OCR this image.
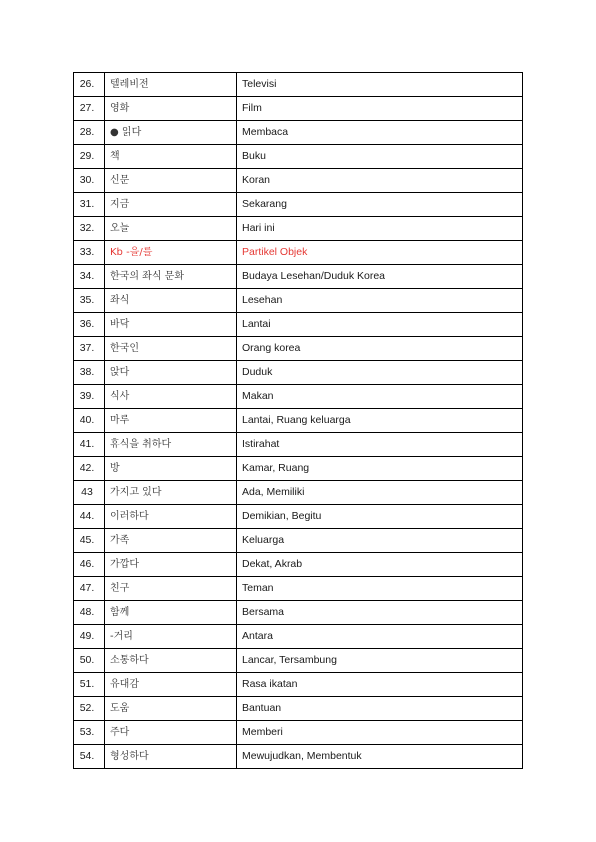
26.	텔레비전	Televisi
27.	영화	Film
28.	● 읽다	Membaca
29.	책	Buku
30.	신문	Koran
31.	지금	Sekarang
32.	오늘	Hari ini
33.	Kb -을/를	Partikel Objek
34.	한국의 좌식 문화	Budaya Lesehan/Duduk Korea
35.	좌식	Lesehan
36.	바닥	Lantai
37.	한국인	Orang korea
38.	앉다	Duduk
39.	식사	Makan
40.	마루	Lantai, Ruang keluarga
41.	휴식을 취하다	Istirahat
42.	방	Kamar, Ruang
43	가지고 있다	Ada, Memiliki
44.	이러하다	Demikian, Begitu
45.	가족	Keluarga
46.	가깝다	Dekat, Akrab
47.	친구	Teman
48.	함께	Bersama
49.	-거리	Antara
50.	소통하다	Lancar, Tersambung
51.	유대감	Rasa ikatan
52.	도움	Bantuan
53.	주다	Memberi
54.	형성하다	Mewujudkan, Membentuk
